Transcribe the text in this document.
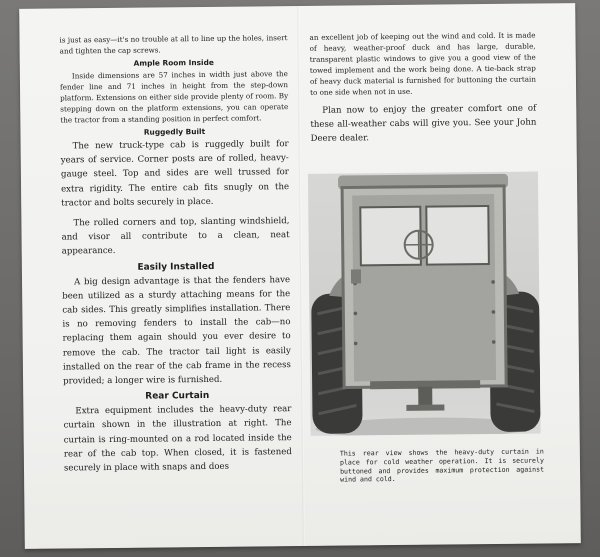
is just as easy—it's no trouble at all to line up the holes, insert and tighten the cap screws.

Ample Room Inside

Inside dimensions are 57 inches in width just above the fender line and 71 inches in height from the step-down platform. Extensions on either side provide plenty of room. By stepping down on the platform extensions, you can operate the tractor from a standing position in perfect comfort.

Ruggedly Built

The new truck-type cab is ruggedly built for years of service. Corner posts are of rolled, heavy-gauge steel. Top and sides are well trussed for extra rigidity. The entire cab fits snugly on the tractor and bolts securely in place.

The rolled corners and top, slanting windshield, and visor all contribute to a clean, neat appearance.

Easily Installed

A big design advantage is that the fenders have been utilized as a sturdy attaching means for the cab sides. This greatly simplifies installation. There is no removing fenders to install the cab—no replacing them again should you ever desire to remove the cab. The tractor tail light is easily installed on the rear of the cab frame in the recess provided; a longer wire is furnished.

Rear Curtain

Extra equipment includes the heavy-duty rear curtain shown in the illustration at right. The curtain is ring-mounted on a rod located inside the rear of the cab top. When closed, it is fastened securely in place with snaps and does

an excellent job of keeping out the wind and cold. It is made of heavy, weather-proof duck and has large, durable, transparent plastic windows to give you a good view of the towed implement and the work being done. A tie-back strap of heavy duck material is furnished for buttoning the curtain to one side when not in use.

Plan now to enjoy the greater comfort one of these all-weather cabs will give you. See your John Deere dealer.

This rear view shows the heavy-duty curtain in place for cold weather operation. It is securely buttoned and provides maximum protection against wind and cold.
